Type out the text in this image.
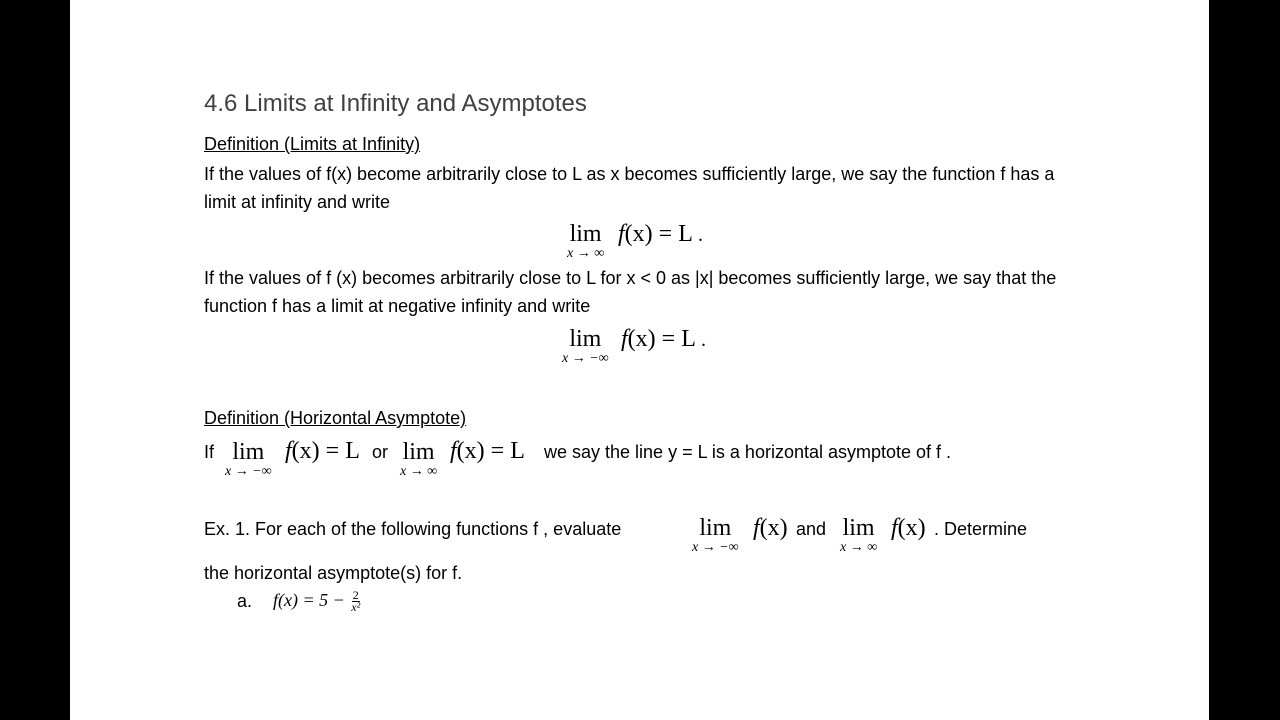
4.6 Limits at Infinity and Asymptotes
Definition (Limits at Infinity)
If the values of f(x) become arbitrarily close to L as x becomes sufficiently large, we say the function f has a limit at infinity and write
lim
x → ∞
f(x) = L .
If the values of f (x) becomes arbitrarily close to L for x < 0 as |x| becomes sufficiently large, we say that the function f has a limit at negative infinity and write
lim
x → −∞
f(x) = L .
Definition (Horizontal Asymptote)
If lim
x → −∞
f(x) = L or lim
x → ∞
f(x) = L we say the line y = L is a horizontal asymptote of f .
Ex. 1. For each of the following functions f , evaluate	lim
x → −∞
f(x) and lim
x → ∞
f(x) . Determine
the horizontal asymptote(s) for f.
a. $f(x) = 5 - \frac{2}{\text{x²}}$
